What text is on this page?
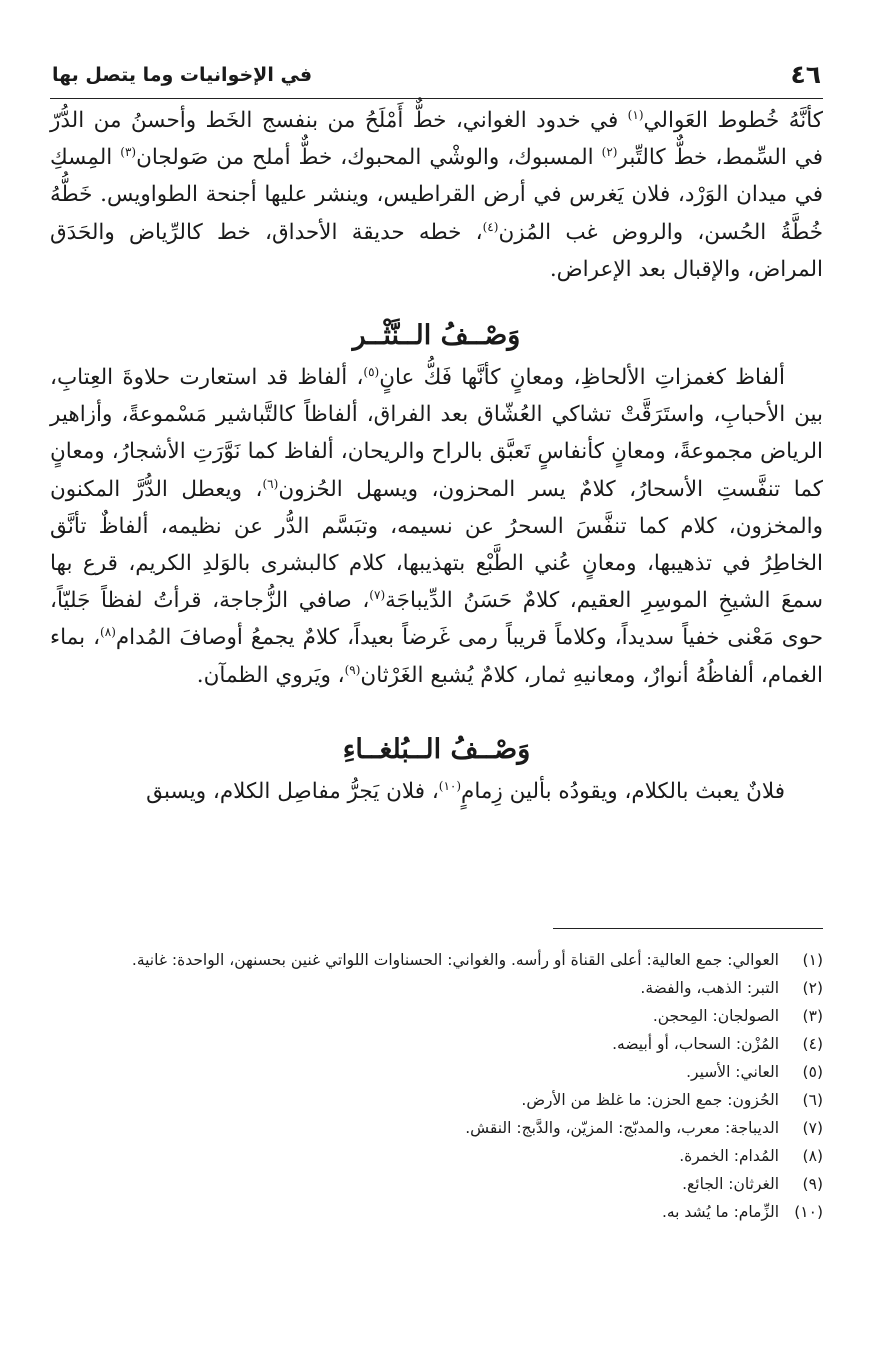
٤٦
في الإخوانيات وما يتصل بها

كأنَّهُ خُطوط العَوالي$^{(١)}$ في خدود الغواني، خطٌّ أَمْلَحُ من بنفسج الخَط وأحسنُ من الدُّرّ في السِّمط، خطٌّ كالتِّبر$^{(٢)}$ المسبوك، والوشْي المحبوك، خطٌّ أملح من صَولجان$^{(٣)}$ المِسكِ في ميدان الوَرْد، فلان يَغرس في أرض القراطيس، وينشر عليها أجنحة الطواويس. خَطُّهُ خُطَّةُ الحُسن، والروض غب المُزن$^{(٤)}$، خطه حديقة الأحداق، خط كالرِّياض والحَدَق المراض، والإقبال بعد الإعراض.

وَصْــفُ الــنَّثْــر

ألفاظ كغمزاتِ الألحاظِ، ومعانٍ كأنَّها فَكُّ عانٍ$^{(٥)}$، ألفاظ قد استعارت حلاوةَ العِتابِ، بين الأحبابِ، واستَرَقَّتْ تشاكي العُشّاق بعد الفراق، ألفاظاً كالتَّباشير مَسْموعةً، وأزاهير الرياض مجموعةً، ومعانٍ كأنفاسٍ تَعبَّق بالراح والريحان، ألفاظ كما نَوَّرَتِ الأشجارُ، ومعانٍ كما تنفَّستِ الأسحارُ، كلامٌ يسر المحزون، ويسهل الحُزون$^{(٦)}$، ويعطل الدُّرَّ المكنون والمخزون، كلام كما تنفَّسَ السحرُ عن نسيمه، وتبَسَّم الدُّر عن نظيمه، ألفاظٌ تأنَّق الخاطِرُ في تذهيبها، ومعانٍ عُني الطَّبْع بتهذيبها، كلام كالبشرى بالوَلدِ الكريم، قرع بها سمعَ الشيخِ الموسِرِ العقيم، كلامٌ حَسَنُ الدِّيباجَة$^{(٧)}$، صافي الزُّجاجة، قرأتُ لفظاً جَليّاً، حوى مَعْنى خفياً سديداً، وكلاماً قريباً رمى غَرضاً بعيداً، كلامٌ يجمعُ أوصافَ المُدام$^{(٨)}$، بماء الغمام، ألفاظُهُ أنوارٌ، ومعانيهِ ثمار، كلامٌ يُشبع الغَرْثان$^{(٩)}$، ويَروي الظمآن.

وَصْــفُ الــبُلغــاءِ

فلانٌ يعبث بالكلام، ويقودُه بألين زِمامٍ$^{(١٠)}$، فلان يَجرُّ مفاصِل الكلام، ويسبق

(١)
العوالي: جمع العالية: أعلى القناة أو رأسه. والغواني: الحسناوات اللواتي غنين بحسنهن، الواحدة: غانية.

(٢)
التبر: الذهب، والفضة.

(٣)
الصولجان: المِحجن.

(٤)
المُزْن: السحاب، أو أبيضه.

(٥)
العاني: الأسير.

(٦)
الحُزون: جمع الحزن: ما غلظ من الأرض.

(٧)
الديباجة: معرب، والمدبّج: المزيّن، والدَّبج: النقش.

(٨)
المُدام: الخمرة.

(٩)
الغرثان: الجائع.

(١٠)
الزِّمام: ما يُشد به.
